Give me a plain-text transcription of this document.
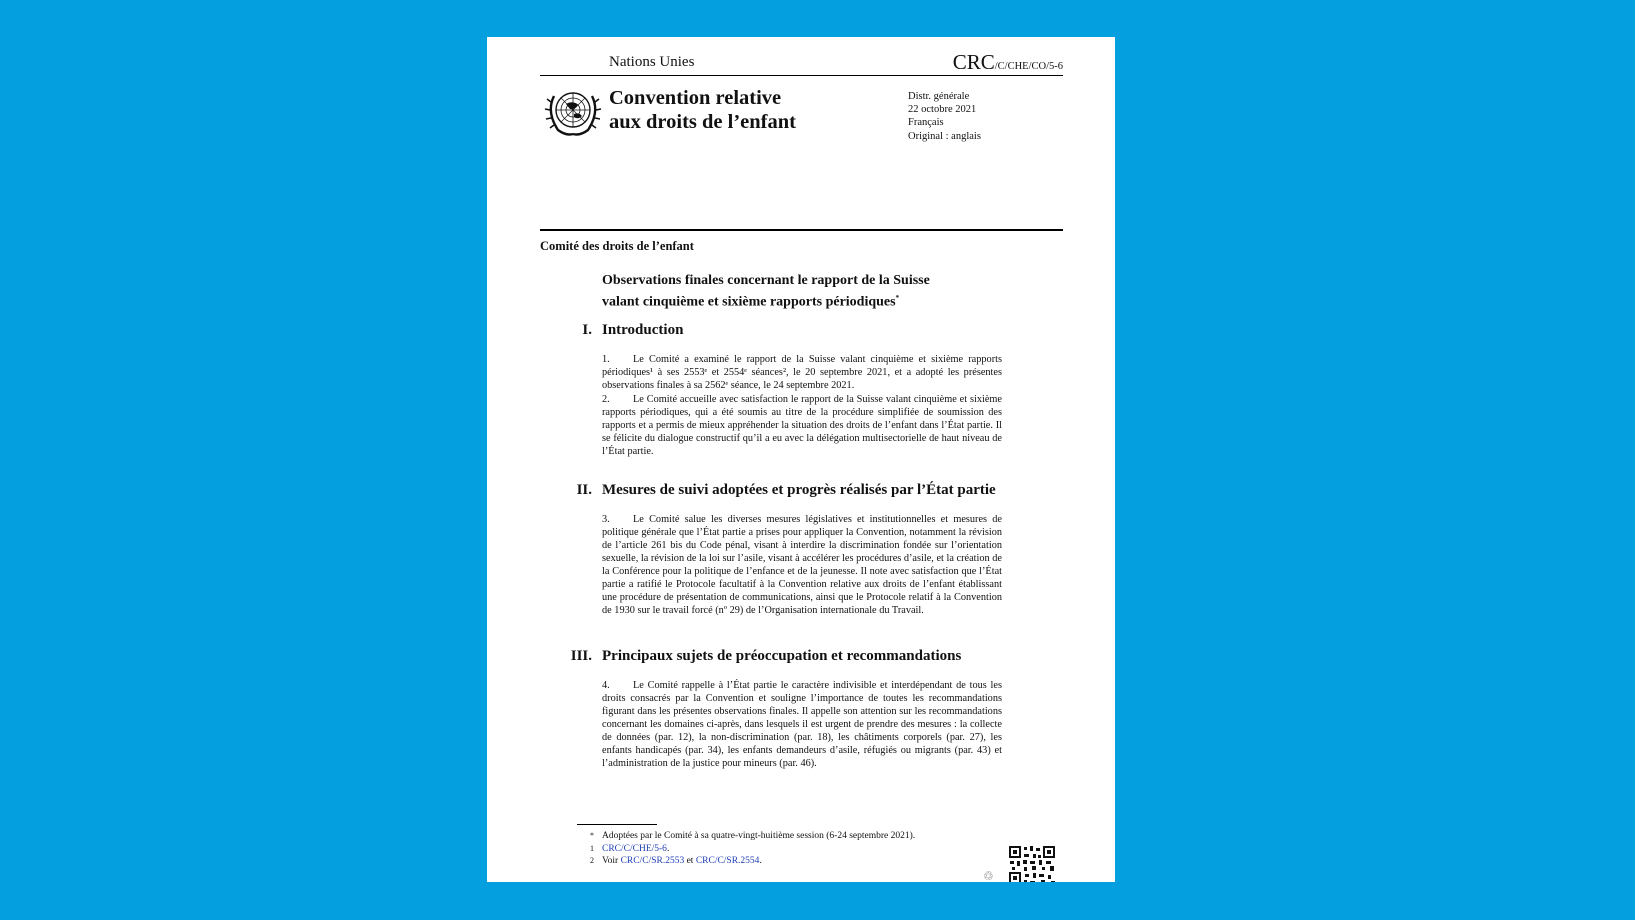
Nations Unies	CRC/C/CHE/CO/5-6
Convention relative
aux droits de l’enfant
Distr. générale
22 octobre 2021
Français
Original : anglais
Comité des droits de l’enfant
Observations finales concernant le rapport de la Suisse
valant cinquième et sixième rapports périodiques*
I. Introduction
1. Le Comité a examiné le rapport de la Suisse valant cinquième et sixième rapports périodiques¹ à ses 2553ᵉ et 2554ᵉ séances², le 20 septembre 2021, et a adopté les présentes observations finales à sa 2562ᵉ séance, le 24 septembre 2021.
2. Le Comité accueille avec satisfaction le rapport de la Suisse valant cinquième et sixième rapports périodiques, qui a été soumis au titre de la procédure simplifiée de soumission des rapports et a permis de mieux appréhender la situation des droits de l’enfant dans l’État partie. Il se félicite du dialogue constructif qu’il a eu avec la délégation multisectorielle de haut niveau de l’État partie.
II. Mesures de suivi adoptées et progrès réalisés par l’État partie
3. Le Comité salue les diverses mesures législatives et institutionnelles et mesures de politique générale que l’État partie a prises pour appliquer la Convention, notamment la révision de l’article 261 bis du Code pénal, visant à interdire la discrimination fondée sur l’orientation sexuelle, la révision de la loi sur l’asile, visant à accélérer les procédures d’asile, et la création de la Conférence pour la politique de l’enfance et de la jeunesse. Il note avec satisfaction que l’État partie a ratifié le Protocole facultatif à la Convention relative aux droits de l’enfant établissant une procédure de présentation de communications, ainsi que le Protocole relatif à la Convention de 1930 sur le travail forcé (nº 29) de l’Organisation internationale du Travail.
III. Principaux sujets de préoccupation et recommandations
4. Le Comité rappelle à l’État partie le caractère indivisible et interdépendant de tous les droits consacrés par la Convention et souligne l’importance de toutes les recommandations figurant dans les présentes observations finales. Il appelle son attention sur les recommandations concernant les domaines ci-après, dans lesquels il est urgent de prendre des mesures : la collecte de données (par. 12), la non-discrimination (par. 18), les châtiments corporels (par. 27), les enfants handicapés (par. 34), les enfants demandeurs d’asile, réfugiés ou migrants (par. 43) et l’administration de la justice pour mineurs (par. 46).
* Adoptées par le Comité à sa quatre-vingt-huitième session (6-24 septembre 2021).
1 CRC/C/CHE/5-6.
2 Voir CRC/C/SR.2553 et CRC/C/SR.2554.
♲
